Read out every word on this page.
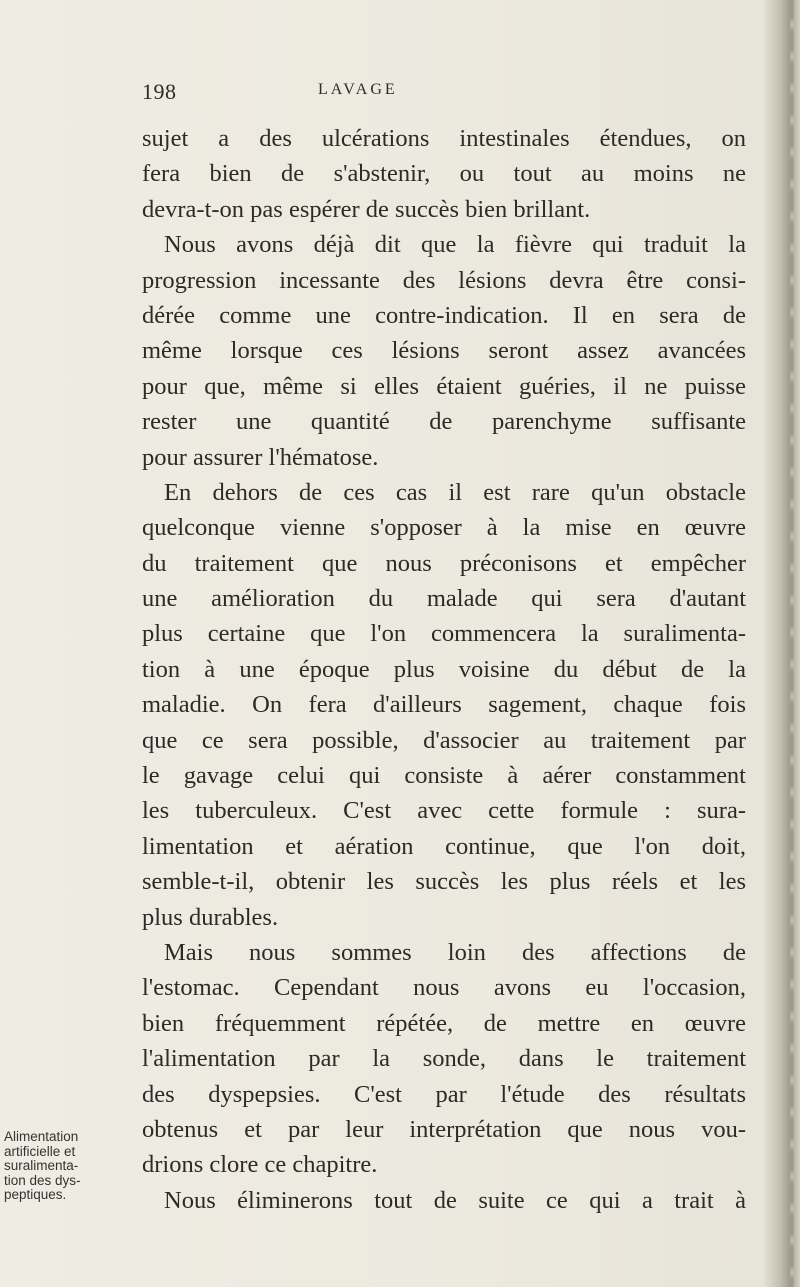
198	LAVAGE
Alimentation
artificielle et
suralimenta-
tion des dys-
peptiques.
sujet a des ulcérations intestinales étendues, on
fera bien de s'abstenir, ou tout au moins ne
devra-t-on pas espérer de succès bien brillant.
Nous avons déjà dit que la fièvre qui traduit la
progression incessante des lésions devra être consi-
dérée comme une contre-indication. Il en sera de
même lorsque ces lésions seront assez avancées
pour que, même si elles étaient guéries, il ne puisse
rester une quantité de parenchyme suffisante
pour assurer l'hématose.
En dehors de ces cas il est rare qu'un obstacle
quelconque vienne s'opposer à la mise en œuvre
du traitement que nous préconisons et empêcher
une amélioration du malade qui sera d'autant
plus certaine que l'on commencera la suralimenta-
tion à une époque plus voisine du début de la
maladie. On fera d'ailleurs sagement, chaque fois
que ce sera possible, d'associer au traitement par
le gavage celui qui consiste à aérer constamment
les tuberculeux. C'est avec cette formule : sura-
limentation et aération continue, que l'on doit,
semble-t-il, obtenir les succès les plus réels et les
plus durables.
Mais nous sommes loin des affections de
l'estomac. Cependant nous avons eu l'occasion,
bien fréquemment répétée, de mettre en œuvre
l'alimentation par la sonde, dans le traitement
des dyspepsies. C'est par l'étude des résultats
obtenus et par leur interprétation que nous vou-
drions clore ce chapitre.
Nous éliminerons tout de suite ce qui a trait à
